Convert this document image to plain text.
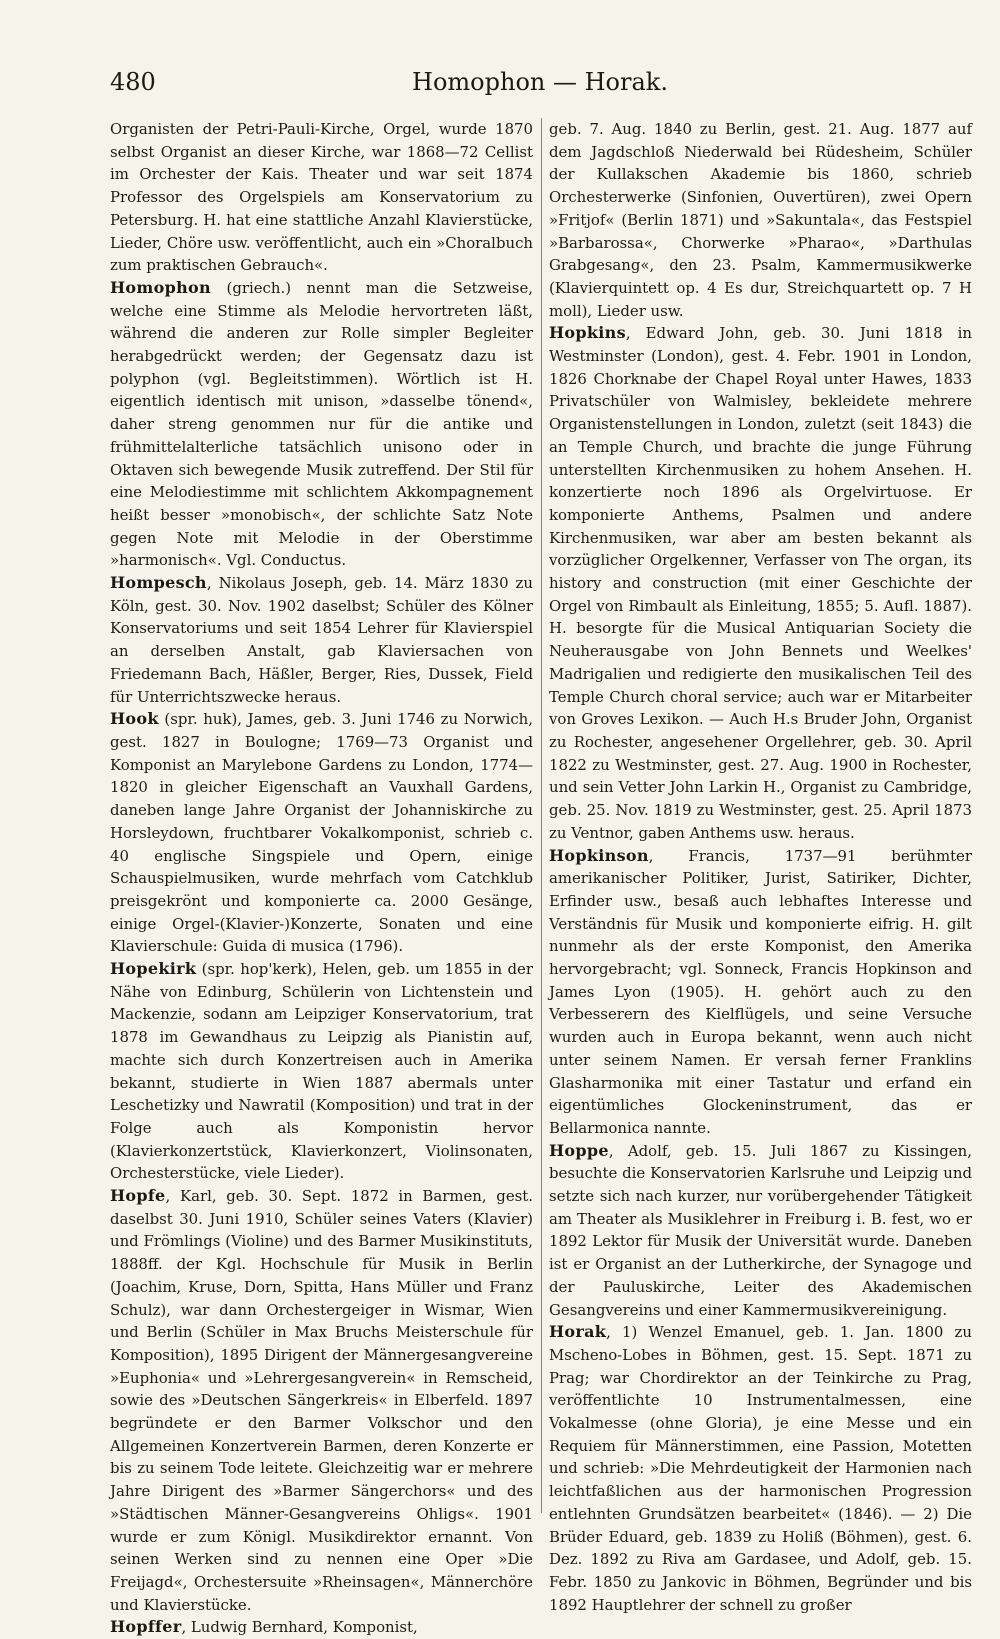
480	Homophon — Horak.

Organisten der Petri-Pauli-Kirche, Orgel, wurde 1870 selbst Organist an dieser Kirche, war 1868—72 Cellist im Orchester der Kais. Theater und war seit 1874 Professor des Orgelspiels am Konservatorium zu Petersburg. H. hat eine stattliche Anzahl Klavierstücke, Lieder, Chöre usw. veröffentlicht, auch ein »Choralbuch zum praktischen Gebrauch«.

Homophon (griech.) nennt man die Setzweise, welche eine Stimme als Melodie hervortreten läßt, während die anderen zur Rolle simpler Begleiter herabgedrückt werden; der Gegensatz dazu ist polyphon (vgl. Begleitstimmen). Wörtlich ist H. eigentlich identisch mit unison, »dasselbe tönend«, daher streng genommen nur für die antike und frühmittelalterliche tatsächlich unisono oder in Oktaven sich bewegende Musik zutreffend. Der Stil für eine Melodiestimme mit schlichtem Akkompagnement heißt besser »monobisch«, der schlichte Satz Note gegen Note mit Melodie in der Oberstimme »harmonisch«. Vgl. Conductus.

Hompesch, Nikolaus Joseph, geb. 14. März 1830 zu Köln, gest. 30. Nov. 1902 daselbst; Schüler des Kölner Konservatoriums und seit 1854 Lehrer für Klavierspiel an derselben Anstalt, gab Klaviersachen von Friedemann Bach, Häßler, Berger, Ries, Dussek, Field für Unterrichtszwecke heraus.

Hook (spr. huk), James, geb. 3. Juni 1746 zu Norwich, gest. 1827 in Boulogne; 1769—73 Organist und Komponist an Marylebone Gardens zu London, 1774—1820 in gleicher Eigenschaft an Vauxhall Gardens, daneben lange Jahre Organist der Johanniskirche zu Horsleydown, fruchtbarer Vokalkomponist, schrieb c. 40 englische Singspiele und Opern, einige Schauspielmusiken, wurde mehrfach vom Catchklub preisgekrönt und komponierte ca. 2000 Gesänge, einige Orgel-(Klavier-)Konzerte, Sonaten und eine Klavierschule: Guida di musica (1796).

Hopekirk (spr. hop'kerk), Helen, geb. um 1855 in der Nähe von Edinburg, Schülerin von Lichtenstein und Mackenzie, sodann am Leipziger Konservatorium, trat 1878 im Gewandhaus zu Leipzig als Pianistin auf, machte sich durch Konzertreisen auch in Amerika bekannt, studierte in Wien 1887 abermals unter Leschetizky und Nawratil (Komposition) und trat in der Folge auch als Komponistin hervor (Klavierkonzertstück, Klavierkonzert, Violinsonaten, Orchesterstücke, viele Lieder).

Hopfe, Karl, geb. 30. Sept. 1872 in Barmen, gest. daselbst 30. Juni 1910, Schüler seines Vaters (Klavier) und Frömlings (Violine) und des Barmer Musikinstituts, 1888ff. der Kgl. Hochschule für Musik in Berlin (Joachim, Kruse, Dorn, Spitta, Hans Müller und Franz Schulz), war dann Orchestergeiger in Wismar, Wien und Berlin (Schüler in Max Bruchs Meisterschule für Komposition), 1895 Dirigent der Männergesangvereine »Euphonia« und »Lehrergesangverein« in Remscheid, sowie des »Deutschen Sängerkreis« in Elberfeld. 1897 begründete er den Barmer Volkschor und den Allgemeinen Konzertverein Barmen, deren Konzerte er bis zu seinem Tode leitete. Gleichzeitig war er mehrere Jahre Dirigent des »Barmer Sängerchors« und des »Städtischen Männer-Gesangvereins Ohligs«. 1901 wurde er zum Königl. Musikdirektor ernannt. Von seinen Werken sind zu nennen eine Oper »Die Freijagd«, Orchestersuite »Rheinsagen«, Männerchöre und Klavierstücke.

Hopffer, Ludwig Bernhard, Komponist,

geb. 7. Aug. 1840 zu Berlin, gest. 21. Aug. 1877 auf dem Jagdschloß Niederwald bei Rüdesheim, Schüler der Kullakschen Akademie bis 1860, schrieb Orchesterwerke (Sinfonien, Ouvertüren), zwei Opern »Fritjof« (Berlin 1871) und »Sakuntala«, das Festspiel »Barbarossa«, Chorwerke »Pharao«, »Darthulas Grabgesang«, den 23. Psalm, Kammermusikwerke (Klavierquintett op. 4 Es dur, Streichquartett op. 7 H moll), Lieder usw.

Hopkins, Edward John, geb. 30. Juni 1818 in Westminster (London), gest. 4. Febr. 1901 in London, 1826 Chorknabe der Chapel Royal unter Hawes, 1833 Privatschüler von Walmisley, bekleidete mehrere Organistenstellungen in London, zuletzt (seit 1843) die an Temple Church, und brachte die junge Führung unterstellten Kirchenmusiken zu hohem Ansehen. H. konzertierte noch 1896 als Orgelvirtuose. Er komponierte Anthems, Psalmen und andere Kirchenmusiken, war aber am besten bekannt als vorzüglicher Orgelkenner, Verfasser von The organ, its history and construction (mit einer Geschichte der Orgel von Rimbault als Einleitung, 1855; 5. Aufl. 1887). H. besorgte für die Musical Antiquarian Society die Neuherausgabe von John Bennets und Weelkes' Madrigalien und redigierte den musikalischen Teil des Temple Church choral service; auch war er Mitarbeiter von Groves Lexikon. — Auch H.s Bruder John, Organist zu Rochester, angesehener Orgellehrer, geb. 30. April 1822 zu Westminster, gest. 27. Aug. 1900 in Rochester, und sein Vetter John Larkin H., Organist zu Cambridge, geb. 25. Nov. 1819 zu Westminster, gest. 25. April 1873 zu Ventnor, gaben Anthems usw. heraus.

Hopkinson, Francis, 1737—91 berühmter amerikanischer Politiker, Jurist, Satiriker, Dichter, Erfinder usw., besaß auch lebhaftes Interesse und Verständnis für Musik und komponierte eifrig. H. gilt nunmehr als der erste Komponist, den Amerika hervorgebracht; vgl. Sonneck, Francis Hopkinson and James Lyon (1905). H. gehört auch zu den Verbesserern des Kielflügels, und seine Versuche wurden auch in Europa bekannt, wenn auch nicht unter seinem Namen. Er versah ferner Franklins Glasharmonika mit einer Tastatur und erfand ein eigentümliches Glockeninstrument, das er Bellarmonica nannte.

Hoppe, Adolf, geb. 15. Juli 1867 zu Kissingen, besuchte die Konservatorien Karlsruhe und Leipzig und setzte sich nach kurzer, nur vorübergehender Tätigkeit am Theater als Musiklehrer in Freiburg i. B. fest, wo er 1892 Lektor für Musik der Universität wurde. Daneben ist er Organist an der Lutherkirche, der Synagoge und der Pauluskirche, Leiter des Akademischen Gesangvereins und einer Kammermusikvereinigung.

Horak, 1) Wenzel Emanuel, geb. 1. Jan. 1800 zu Mscheno-Lobes in Böhmen, gest. 15. Sept. 1871 zu Prag; war Chordirektor an der Teinkirche zu Prag, veröffentlichte 10 Instrumentalmessen, eine Vokalmesse (ohne Gloria), je eine Messe und ein Requiem für Männerstimmen, eine Passion, Motetten und schrieb: »Die Mehrdeutigkeit der Harmonien nach leichtfaßlichen aus der harmonischen Progression entlehnten Grundsätzen bearbeitet« (1846). — 2) Die Brüder Eduard, geb. 1839 zu Holiß (Böhmen), gest. 6. Dez. 1892 zu Riva am Gardasee, und Adolf, geb. 15. Febr. 1850 zu Jankovic in Böhmen, Begründer und bis 1892 Hauptlehrer der schnell zu großer
